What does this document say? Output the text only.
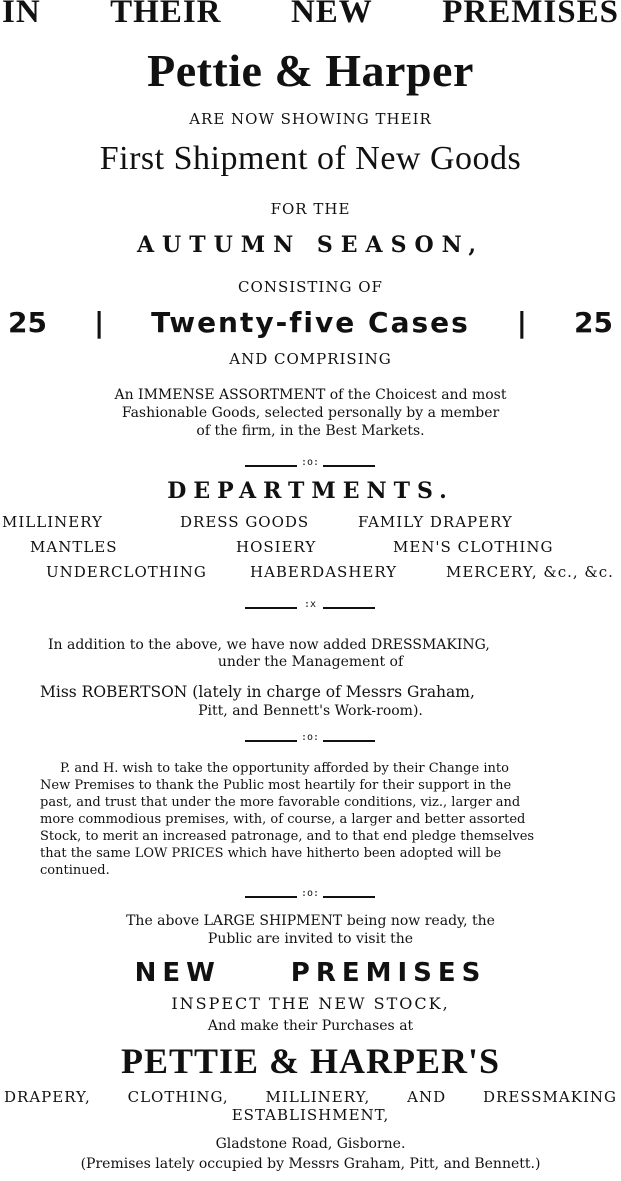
IN THEIR NEW PREMISES
Pettie & Harper
ARE NOW SHOWING THEIR
First Shipment of New Goods
FOR THE
AUTUMN SEASON,
CONSISTING OF
25 | Twenty-five Cases | 25
AND COMPRISING
An IMMENSE ASSORTMENT of the Choicest and most
Fashionable Goods, selected personally by a member
of the firm, in the Best Markets.
:o:
DEPARTMENTS.
MILLINERY	DRESS GOODS	FAMILY DRAPERY
MANTLES	HOSIERY	MEN'S CLOTHING
UNDERCLOTHING	HABERDASHERY	MERCERY, &c., &c.
:x
In addition to the above, we have now added DRESSMAKING,
under the Management of
Miss ROBERTSON (lately in charge of Messrs Graham,
Pitt, and Bennett's Work-room).
:o:
P. and H. wish to take the opportunity afforded by their Change into
New Premises to thank the Public most heartily for their support in the
past, and trust that under the more favorable conditions, viz., larger and
more commodious premises, with, of course, a larger and better assorted
Stock, to merit an increased patronage, and to that end pledge themselves
that the same LOW PRICES which have hitherto been adopted will be
continued.
:o:
The above LARGE SHIPMENT being now ready, the
Public are invited to visit the
NEW	PREMISES
INSPECT THE NEW STOCK,
And make their Purchases at
PETTIE & HARPER'S
DRAPERY, CLOTHING, MILLINERY, AND DRESSMAKING
ESTABLISHMENT,
Gladstone Road, Gisborne.
(Premises lately occupied by Messrs Graham, Pitt, and Bennett.)
